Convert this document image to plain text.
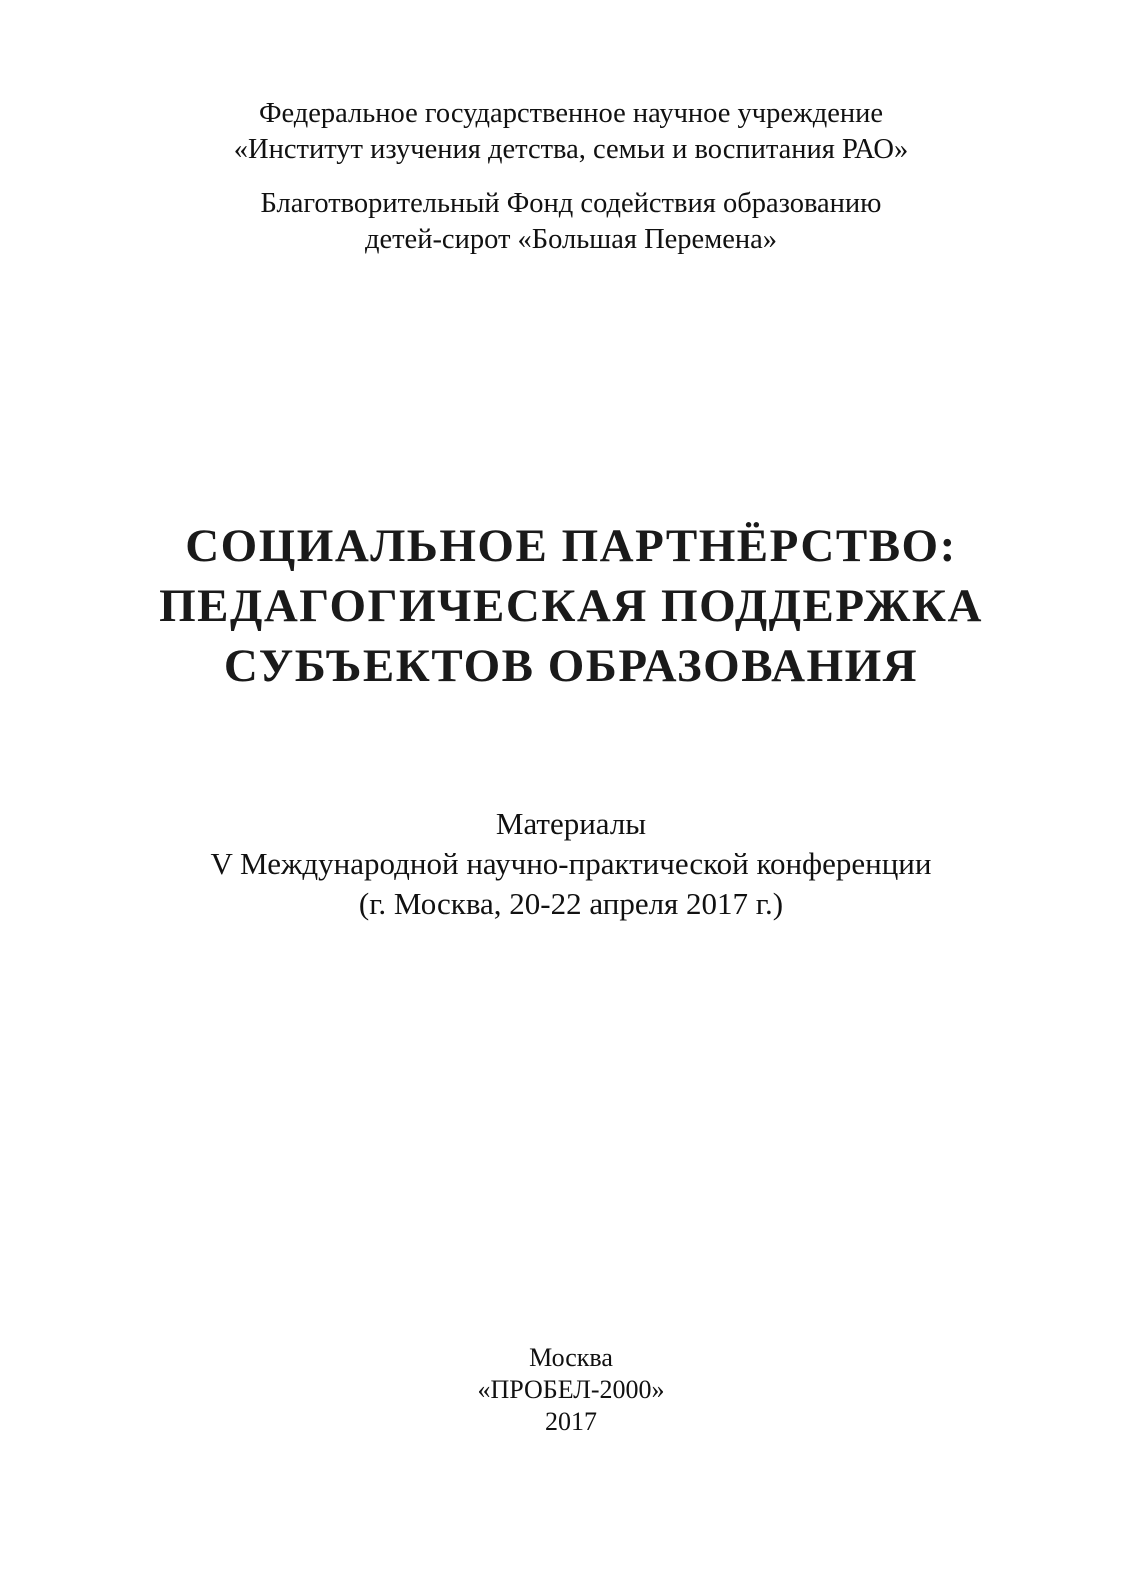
Федеральное государственное научное учреждение
«Институт изучения детства, семьи и воспитания РАО»
Благотворительный Фонд содействия образованию
детей-сирот «Большая Перемена»
СОЦИАЛЬНОЕ ПАРТНЁРСТВО:
ПЕДАГОГИЧЕСКАЯ ПОДДЕРЖКА
СУБЪЕКТОВ ОБРАЗОВАНИЯ
Материалы
V Международной научно-практической конференции
(г. Москва, 20-22 апреля 2017 г.)
Москва
«ПРОБЕЛ-2000»
2017
